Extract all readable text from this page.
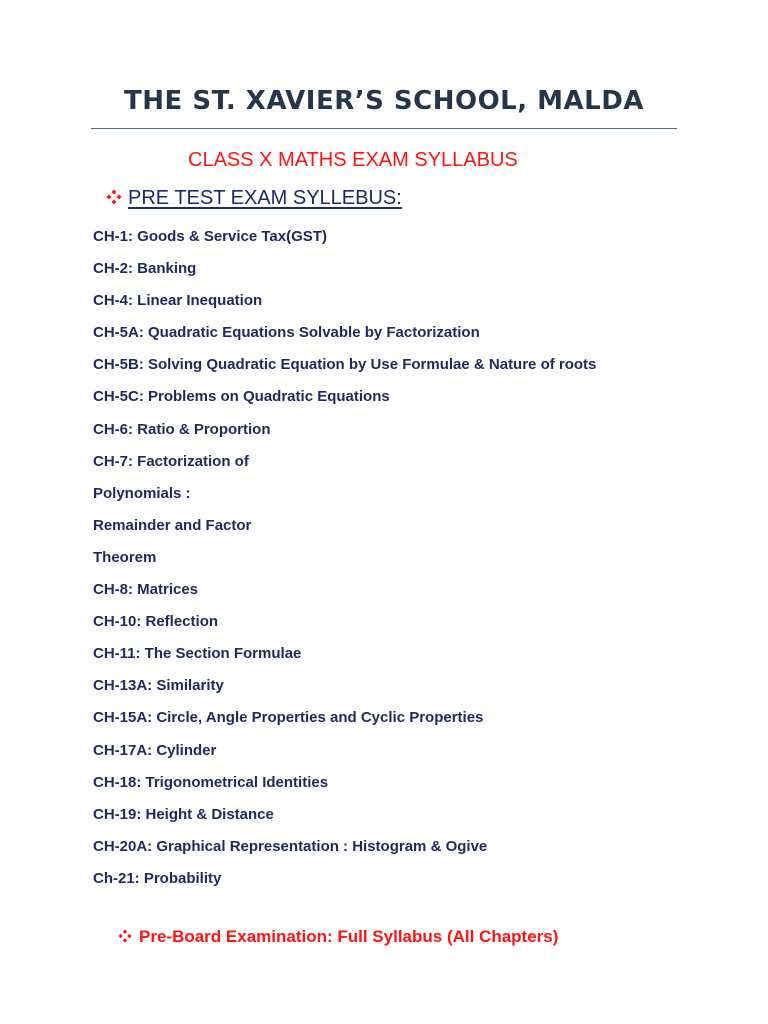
THE ST. XAVIER’S SCHOOL, MALDA
CLASS X MATHS EXAM SYLLABUS
PRE TEST EXAM SYLLEBUS:
CH-1: Goods & Service Tax(GST)
CH-2: Banking
CH-4: Linear Inequation
CH-5A: Quadratic Equations Solvable by Factorization
CH-5B: Solving Quadratic Equation by Use Formulae & Nature of roots
CH-5C: Problems on Quadratic Equations
CH-6: Ratio & Proportion
CH-7: Factorization of
Polynomials :
Remainder and Factor
Theorem
CH-8: Matrices
CH-10: Reflection
CH-11: The Section Formulae
CH-13A: Similarity
CH-15A: Circle, Angle Properties and Cyclic Properties
CH-17A: Cylinder
CH-18: Trigonometrical Identities
CH-19: Height & Distance
CH-20A: Graphical Representation : Histogram & Ogive
Ch-21: Probability
Pre-Board Examination: Full Syllabus (All Chapters)
